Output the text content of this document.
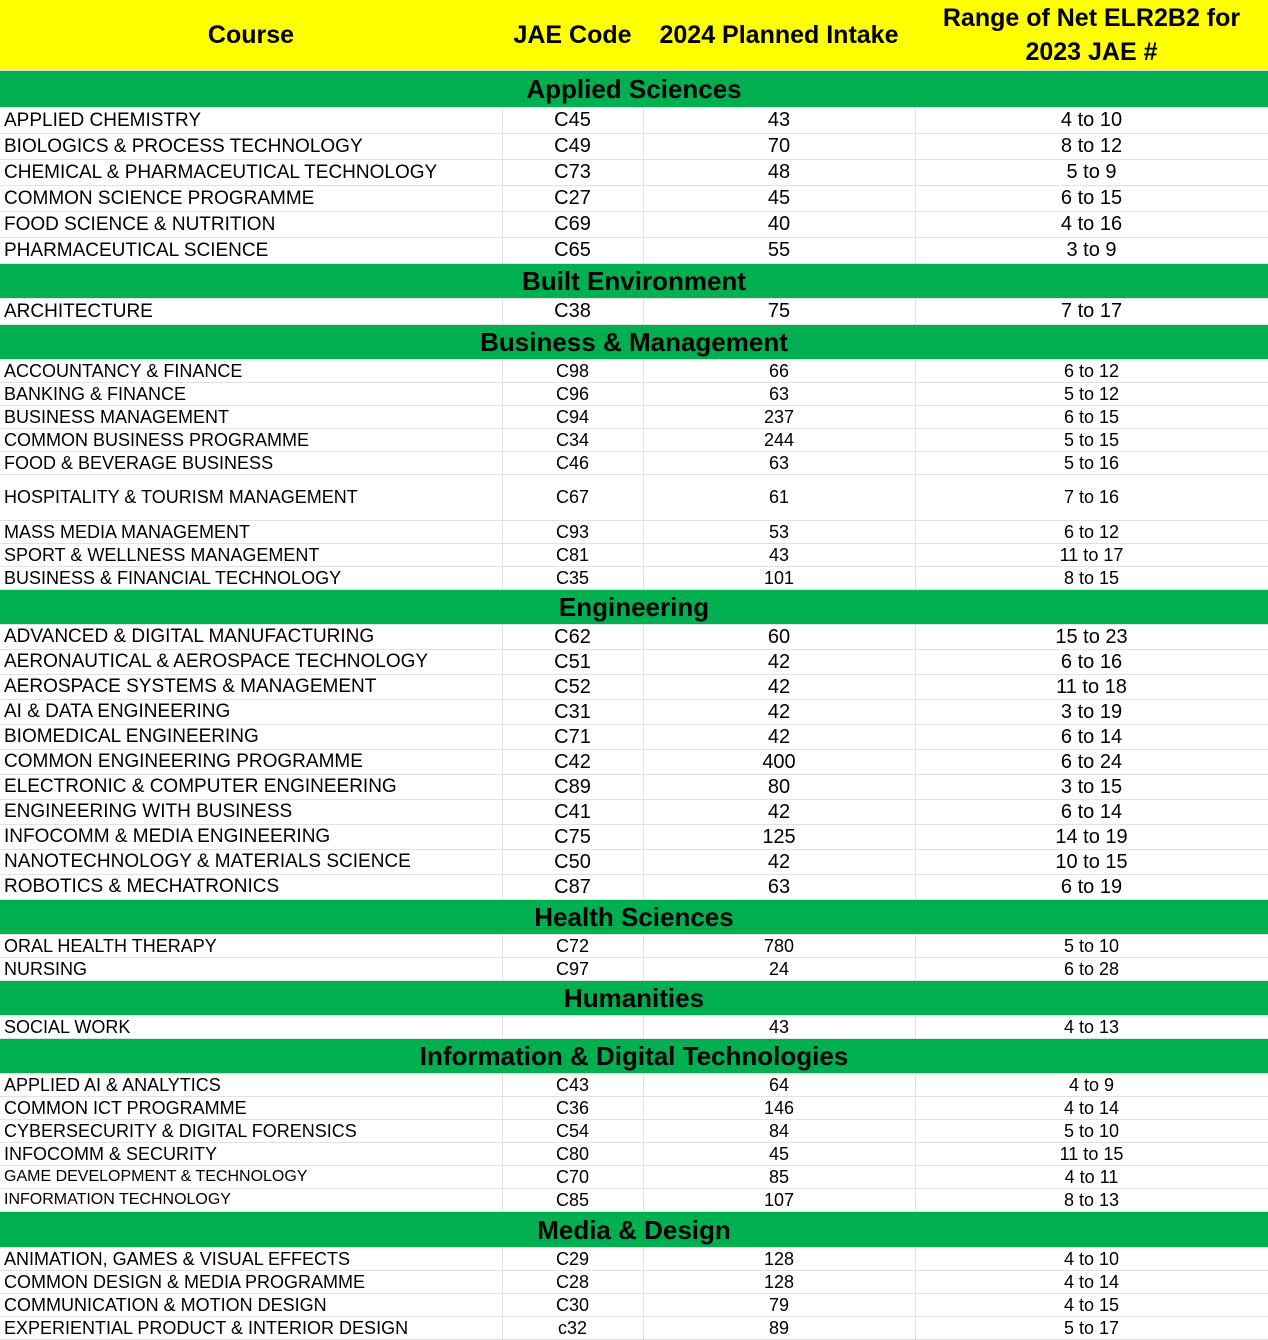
Course	JAE Code	2024 Planned Intake	Range of Net ELR2B2 for 2023 JAE #
Applied Sciences			
APPLIED CHEMISTRY	C45	43	4 to 10
BIOLOGICS & PROCESS TECHNOLOGY	C49	70	8 to 12
CHEMICAL & PHARMACEUTICAL TECHNOLOGY	C73	48	5 to 9
COMMON SCIENCE PROGRAMME	C27	45	6 to 15
FOOD SCIENCE & NUTRITION	C69	40	4 to 16
PHARMACEUTICAL SCIENCE	C65	55	3 to 9
Built Environment			
ARCHITECTURE	C38	75	7 to 17
Business & Management			
ACCOUNTANCY & FINANCE	C98	66	6 to 12
BANKING & FINANCE	C96	63	5 to 12
BUSINESS MANAGEMENT	C94	237	6 to 15
COMMON BUSINESS PROGRAMME	C34	244	5 to 15
FOOD & BEVERAGE BUSINESS	C46	63	5 to 16
HOSPITALITY & TOURISM MANAGEMENT	C67	61	7 to 16
MASS MEDIA MANAGEMENT	C93	53	6 to 12
SPORT & WELLNESS MANAGEMENT	C81	43	11 to 17
BUSINESS & FINANCIAL TECHNOLOGY	C35	101	8 to 15
Engineering			
ADVANCED & DIGITAL MANUFACTURING	C62	60	15 to 23
AERONAUTICAL & AEROSPACE TECHNOLOGY	C51	42	6 to 16
AEROSPACE SYSTEMS & MANAGEMENT	C52	42	11 to 18
AI & DATA ENGINEERING	C31	42	3 to 19
BIOMEDICAL ENGINEERING	C71	42	6 to 14
COMMON ENGINEERING PROGRAMME	C42	400	6 to 24
ELECTRONIC & COMPUTER ENGINEERING	C89	80	3 to 15
ENGINEERING WITH BUSINESS	C41	42	6 to 14
INFOCOMM & MEDIA ENGINEERING	C75	125	14 to 19
NANOTECHNOLOGY & MATERIALS SCIENCE	C50	42	10 to 15
ROBOTICS & MECHATRONICS	C87	63	6 to 19
Health Sciences			
ORAL HEALTH THERAPY	C72	780	5 to 10
NURSING	C97	24	6 to 28
Humanities			
SOCIAL WORK		43	4 to 13
Information & Digital Technologies			
APPLIED AI & ANALYTICS	C43	64	4 to 9
COMMON ICT PROGRAMME	C36	146	4 to 14
CYBERSECURITY & DIGITAL FORENSICS	C54	84	5 to 10
INFOCOMM & SECURITY	C80	45	11 to 15
GAME DEVELOPMENT & TECHNOLOGY	C70	85	4 to 11
INFORMATION TECHNOLOGY	C85	107	8 to 13
Media & Design			
ANIMATION, GAMES & VISUAL EFFECTS	C29	128	4 to 10
COMMON DESIGN & MEDIA PROGRAMME	C28	128	4 to 14
COMMUNICATION & MOTION DESIGN	C30	79	4 to 15
EXPERIENTIAL PRODUCT & INTERIOR DESIGN	c32	89	5 to 17
